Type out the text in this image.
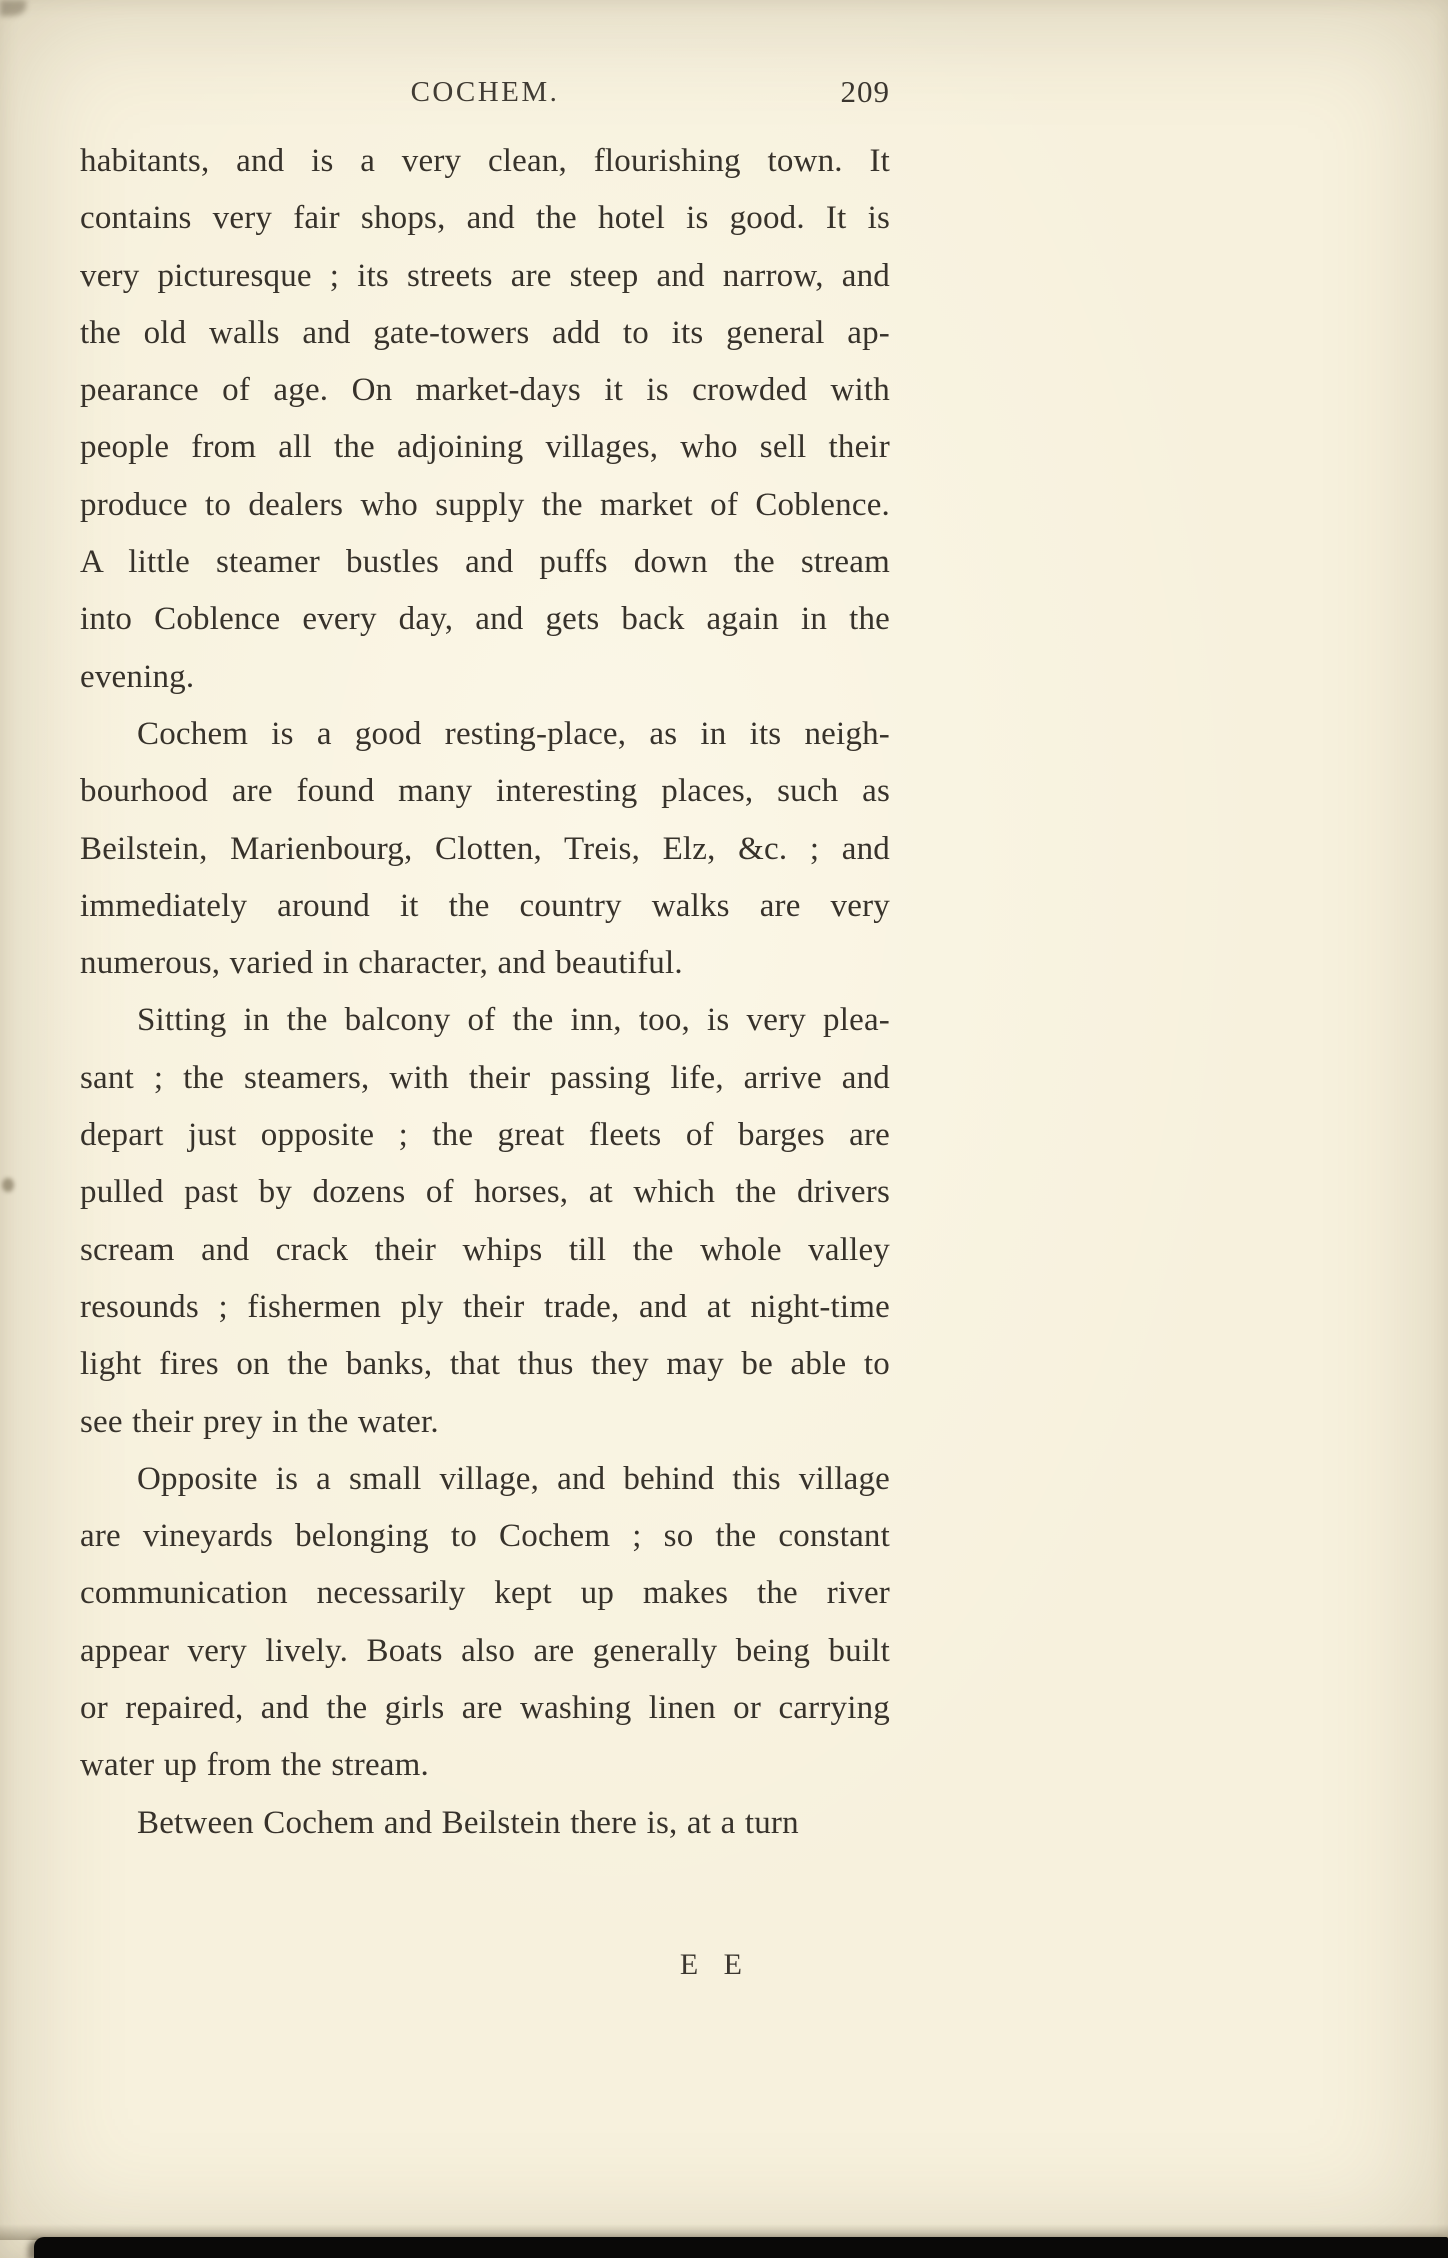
COCHEM.	209
habitants, and is a very clean, flourishing town. It
contains very fair shops, and the hotel is good. It is
very picturesque ; its streets are steep and narrow, and
the old walls and gate-towers add to its general ap-
pearance of age. On market-days it is crowded with
people from all the adjoining villages, who sell their
produce to dealers who supply the market of Coblence.
A little steamer bustles and puffs down the stream
into Coblence every day, and gets back again in the
evening.
Cochem is a good resting-place, as in its neigh-
bourhood are found many interesting places, such as
Beilstein, Marienbourg, Clotten, Treis, Elz, &c. ; and
immediately around it the country walks are very
numerous, varied in character, and beautiful.
Sitting in the balcony of the inn, too, is very plea-
sant ; the steamers, with their passing life, arrive and
depart just opposite ; the great fleets of barges are
pulled past by dozens of horses, at which the drivers
scream and crack their whips till the whole valley
resounds ; fishermen ply their trade, and at night-time
light fires on the banks, that thus they may be able to
see their prey in the water.
Opposite is a small village, and behind this village
are vineyards belonging to Cochem ; so the constant
communication necessarily kept up makes the river
appear very lively. Boats also are generally being built
or repaired, and the girls are washing linen or carrying
water up from the stream.
Between Cochem and Beilstein there is, at a turn
E E
